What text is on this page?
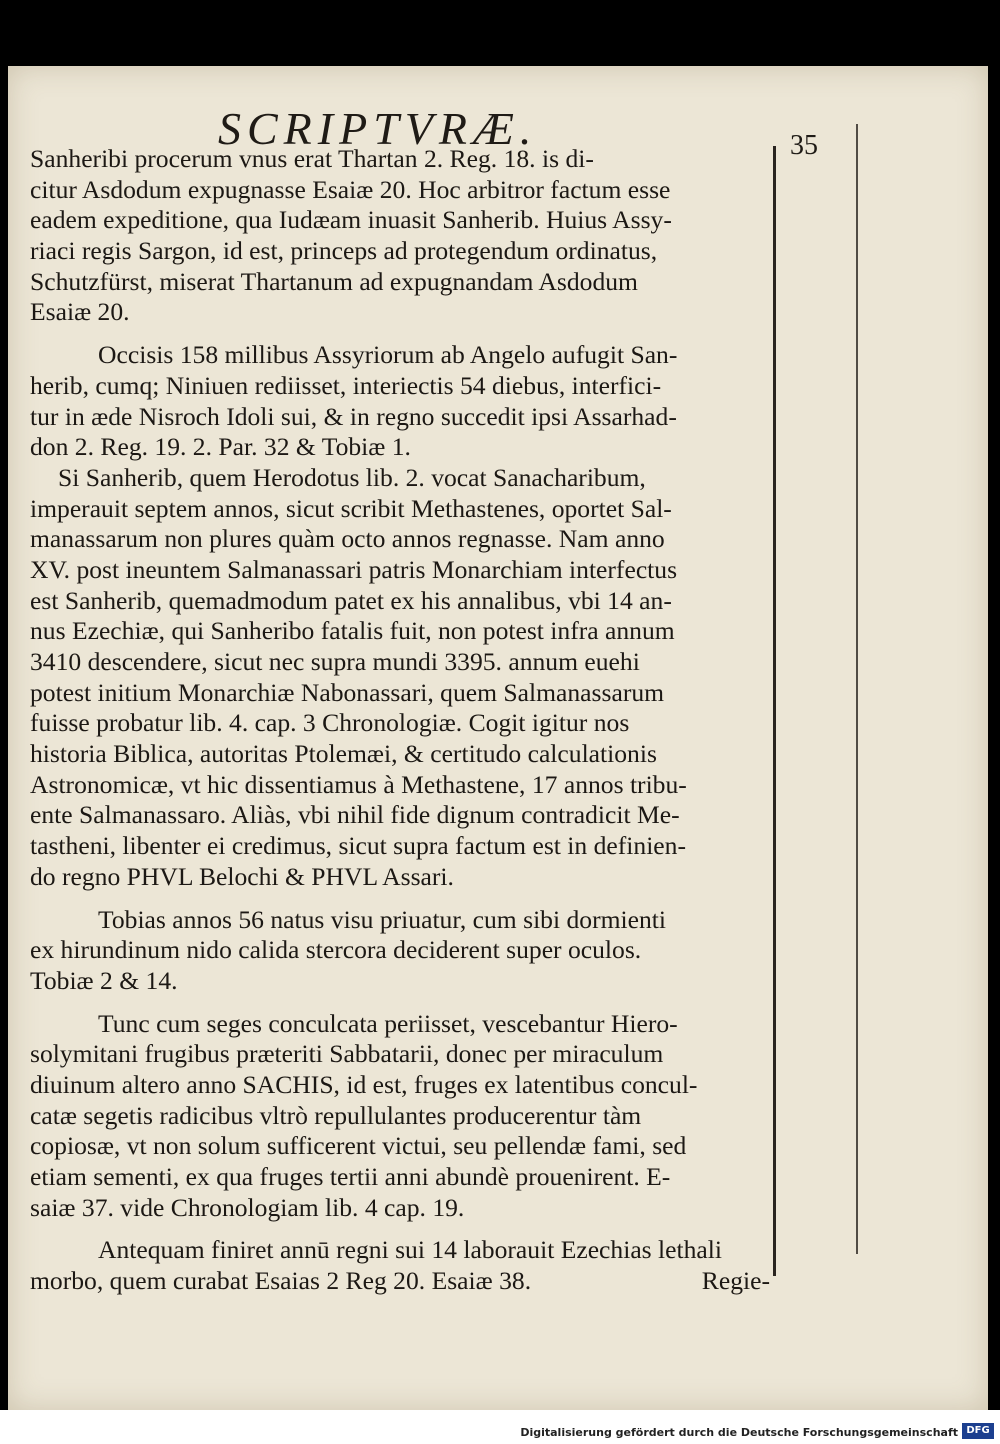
SCRIPTVRÆ.	35
Sanheribi procerum vnus erat Thartan 2. Reg. 18. is di-
citur Asdodum expugnasse Esaiæ 20. Hoc arbitror factum esse
eadem expeditione, qua Iudæam inuasit Sanherib. Huius Assy-
riaci regis Sargon, id est, princeps ad protegendum ordinatus,
Schutzfürst, miserat Thartanum ad expugnandam Asdodum
Esaiæ 20.
Occisis 158 millibus Assyriorum ab Angelo aufugit San-
herib, cumq; Niniuen rediisset, interiectis 54 diebus, interfici-
tur in æde Nisroch Idoli sui, & in regno succedit ipsi Assarhad-
don 2. Reg. 19. 2. Par. 32 & Tobiæ 1.
Si Sanherib, quem Herodotus lib. 2. vocat Sanacharibum,
imperauit septem annos, sicut scribit Methastenes, oportet Sal-
manassarum non plures quàm octo annos regnasse. Nam anno
XV. post ineuntem Salmanassari patris Monarchiam interfectus
est Sanherib, quemadmodum patet ex his annalibus, vbi 14 an-
nus Ezechiæ, qui Sanheribo fatalis fuit, non potest infra annum
3410 descendere, sicut nec supra mundi 3395. annum euehi
potest initium Monarchiæ Nabonassari, quem Salmanassarum
fuisse probatur lib. 4. cap. 3 Chronologiæ. Cogit igitur nos
historia Biblica, autoritas Ptolemæi, & certitudo calculationis
Astronomicæ, vt hic dissentiamus à Methastene, 17 annos tribu-
ente Salmanassaro. Aliàs, vbi nihil fide dignum contradicit Me-
tastheni, libenter ei credimus, sicut supra factum est in definien-
do regno PHVL Belochi & PHVL Assari.
Tobias annos 56 natus visu priuatur, cum sibi dormienti
ex hirundinum nido calida stercora deciderent super oculos.
Tobiæ 2 & 14.
Tunc cum seges conculcata periisset, vescebantur Hiero-
solymitani frugibus præteriti Sabbatarii, donec per miraculum
diuinum altero anno SACHIS, id est, fruges ex latentibus concul-
catæ segetis radicibus vltrò repullulantes producerentur tàm
copiosæ, vt non solum sufficerent victui, seu pellendæ fami, sed
etiam sementi, ex qua fruges tertii anni abundè prouenirent. E-
saiæ 37. vide Chronologiam lib. 4 cap. 19.
Antequam finiret annū regni sui 14 laborauit Ezechias lethali
morbo, quem curabat Esaias 2 Reg 20. Esaiæ 38.	Regie-
Digitalisierung gefördert durch die Deutsche Forschungsgemeinschaft DFG
